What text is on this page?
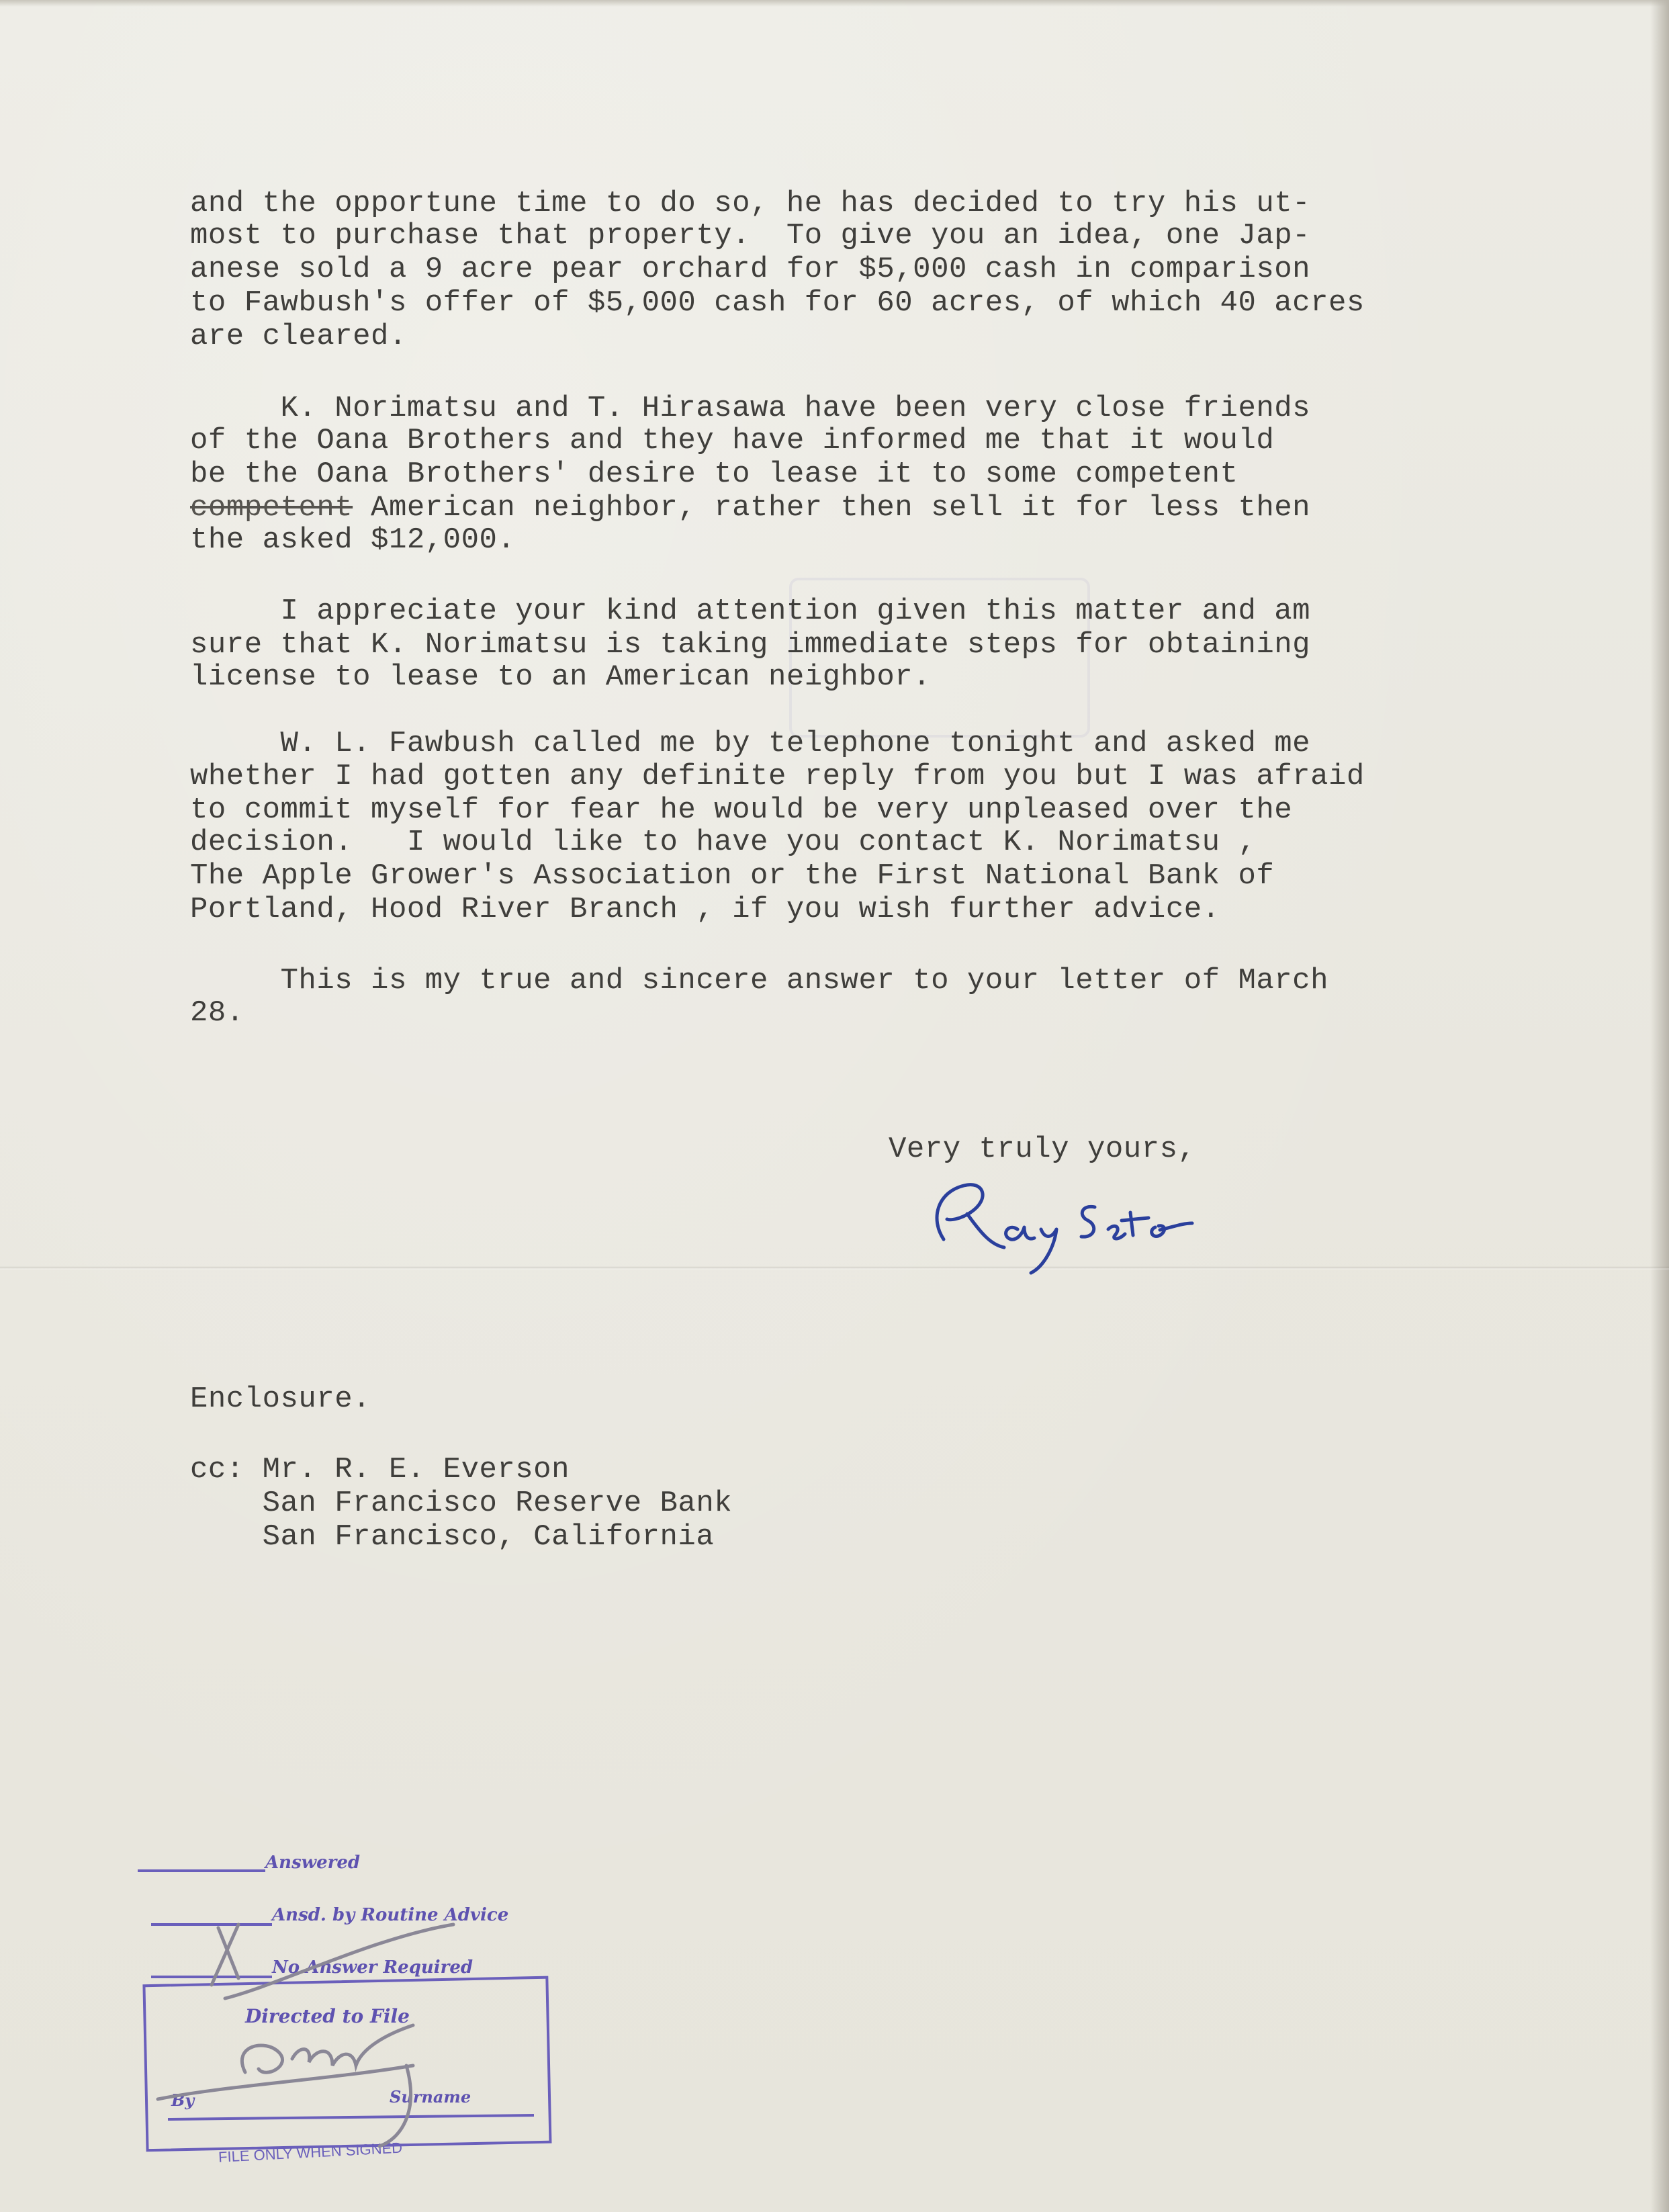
and the opportune time to do so, he has decided to try his ut-
most to purchase that property.  To give you an idea, one Jap-
anese sold a 9 acre pear orchard for $5,000 cash in comparison
to Fawbush's offer of $5,000 cash for 60 acres, of which 40 acres
are cleared.
K. Norimatsu and T. Hirasawa have been very close friends
of the Oana Brothers and they have informed me that it would
be the Oana Brothers' desire to lease it to some competent
competent American neighbor, rather then sell it for less then
the asked $12,000.
I appreciate your kind attention given this matter and am
sure that K. Norimatsu is taking immediate steps for obtaining
license to lease to an American neighbor.
W. L. Fawbush called me by telephone tonight and asked me
whether I had gotten any definite reply from you but I was afraid
to commit myself for fear he would be very unpleased over the
decision.   I would like to have you contact K. Norimatsu ,
The Apple Grower's Association or the First National Bank of
Portland, Hood River Branch , if you wish further advice.
This is my true and sincere answer to your letter of March
28.
Very truly yours,
Enclosure.
cc: Mr. R. E. Everson
San Francisco Reserve Bank
San Francisco, California
Answered
Ansd. by Routine Advice
No Answer Required
Directed to File
By	Surname
FILE ONLY WHEN SIGNED
